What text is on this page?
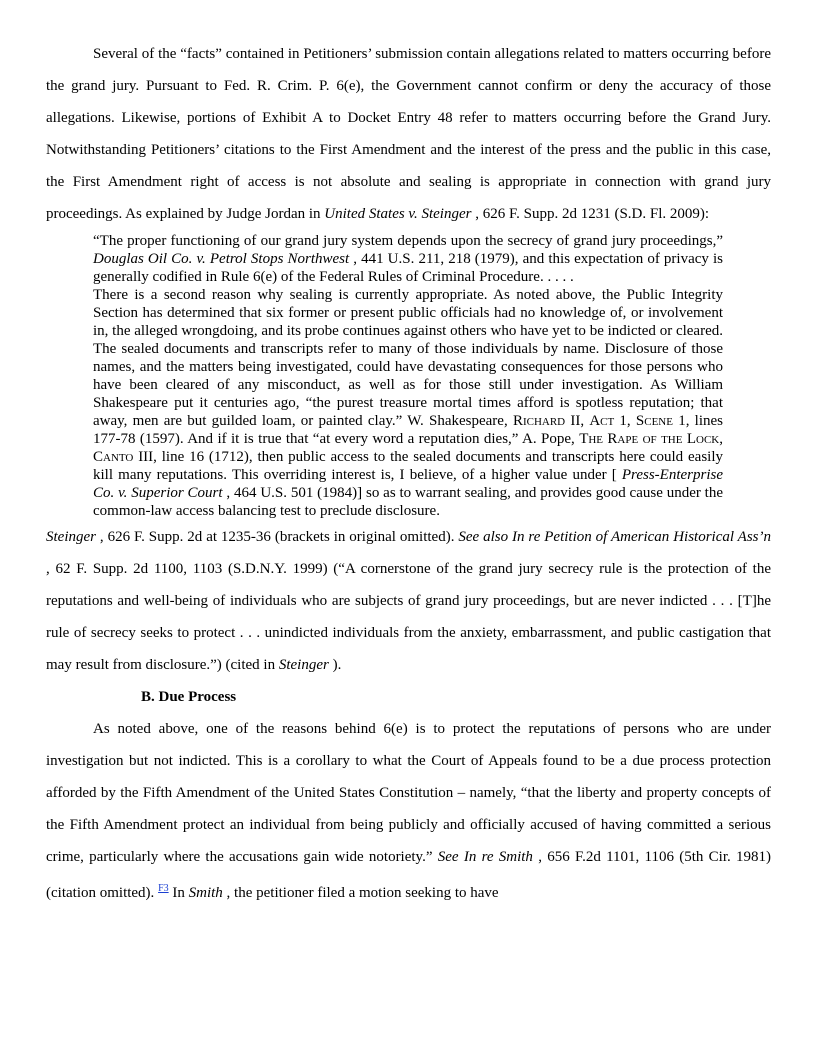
Several of the “facts” contained in Petitioners’ submission contain allegations related to matters occurring before the grand jury. Pursuant to Fed. R. Crim. P. 6(e), the Government cannot confirm or deny the accuracy of those allegations. Likewise, portions of Exhibit A to Docket Entry 48 refer to matters occurring before the Grand Jury. Notwithstanding Petitioners’ citations to the First Amendment and the interest of the press and the public in this case, the First Amendment right of access is not absolute and sealing is appropriate in connection with grand jury proceedings. As explained by Judge Jordan in United States v. Steinger , 626 F. Supp. 2d 1231 (S.D. Fl. 2009):

“The proper functioning of our grand jury system depends upon the secrecy of grand jury proceedings,” Douglas Oil Co. v. Petrol Stops Northwest , 441 U.S. 211, 218 (1979), and this expectation of privacy is generally codified in Rule 6(e) of the Federal Rules of Criminal Procedure. . . . .

There is a second reason why sealing is currently appropriate. As noted above, the Public Integrity Section has determined that six former or present public officials had no knowledge of, or involvement in, the alleged wrongdoing, and its probe continues against others who have yet to be indicted or cleared. The sealed documents and transcripts refer to many of those individuals by name. Disclosure of those names, and the matters being investigated, could have devastating consequences for those persons who have been cleared of any misconduct, as well as for those still under investigation. As William Shakespeare put it centuries ago, “the purest treasure mortal times afford is spotless reputation; that away, men are but guilded loam, or painted clay.” W. Shakespeare, Richard II, Act 1, Scene 1, lines 177-78 (1597). And if it is true that “at every word a reputation dies,” A. Pope, The Rape of the Lock, Canto III, line 16 (1712), then public access to the sealed documents and transcripts here could easily kill many reputations. This overriding interest is, I believe, of a higher value under [ Press-Enterprise Co. v. Superior Court , 464 U.S. 501 (1984)] so as to warrant sealing, and provides good cause under the common-law access balancing test to preclude disclosure.

Steinger , 626 F. Supp. 2d at 1235-36 (brackets in original omitted). See also In re Petition of American Historical Ass’n , 62 F. Supp. 2d 1100, 1103 (S.D.N.Y. 1999) (“A cornerstone of the grand jury secrecy rule is the protection of the reputations and well-being of individuals who are subjects of grand jury proceedings, but are never indicted . . . [T]he rule of secrecy seeks to protect . . . unindicted individuals from the anxiety, embarrassment, and public castigation that may result from disclosure.”) (cited in Steinger ).

B. Due Process

As noted above, one of the reasons behind 6(e) is to protect the reputations of persons who are under investigation but not indicted. This is a corollary to what the Court of Appeals found to be a due process protection afforded by the Fifth Amendment of the United States Constitution – namely, “that the liberty and property concepts of the Fifth Amendment protect an individual from being publicly and officially accused of having committed a serious crime, particularly where the accusations gain wide notoriety.” See In re Smith , 656 F.2d 1101, 1106 (5th Cir. 1981) (citation omitted). $^{F3}$ In Smith , the petitioner filed a motion seeking to have
